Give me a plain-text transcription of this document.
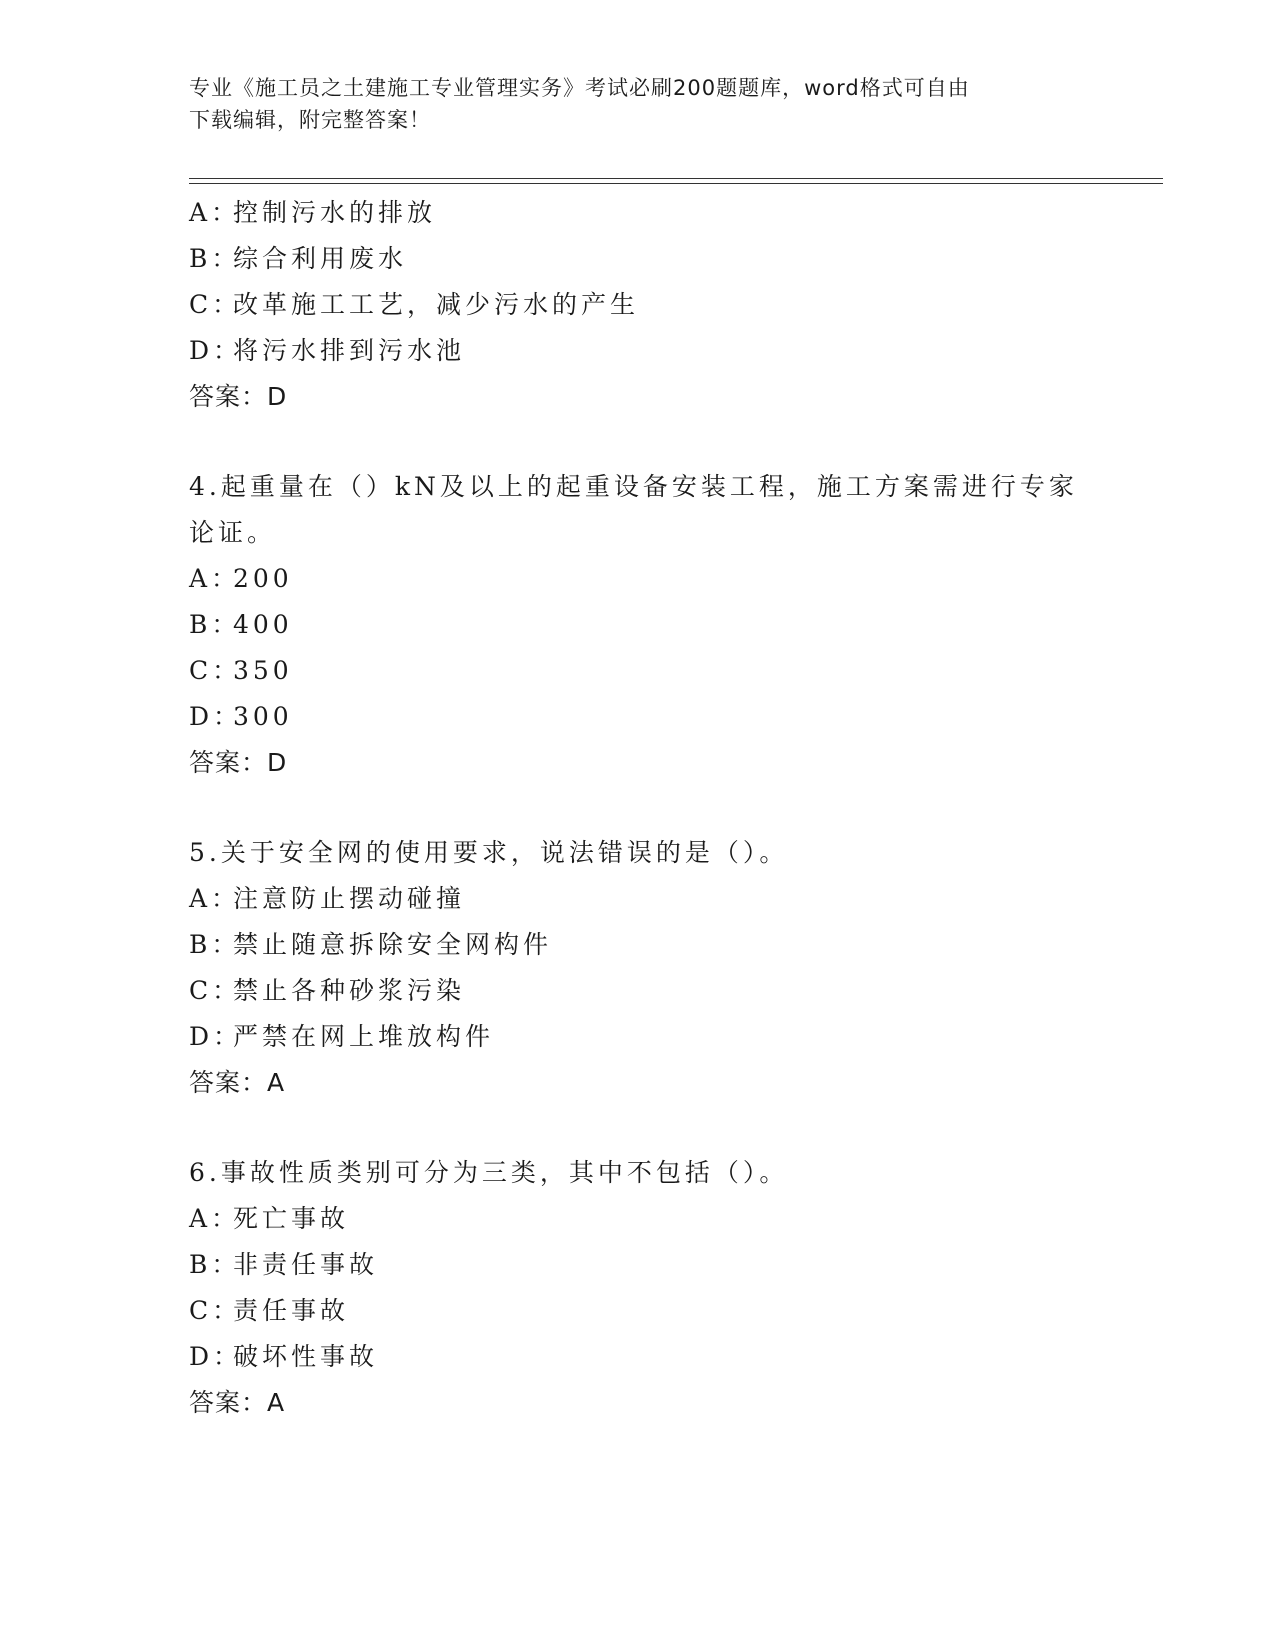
专业《施工员之土建施工专业管理实务》考试必刷200题题库，word格式可自由
下载编辑，附完整答案！
A：控制污水的排放
B：综合利用废水
C：改革施工工艺，减少污水的产生
D：将污水排到污水池
答案：D
4.起重量在（）kN及以上的起重设备安装工程，施工方案需进行专家
论证。
A：200
B：400
C：350
D：300
答案：D
5.关于安全网的使用要求，说法错误的是（）。
A：注意防止摆动碰撞
B：禁止随意拆除安全网构件
C：禁止各种砂浆污染
D：严禁在网上堆放构件
答案：A
6.事故性质类别可分为三类，其中不包括（）。
A：死亡事故
B：非责任事故
C：责任事故
D：破坏性事故
答案：A
